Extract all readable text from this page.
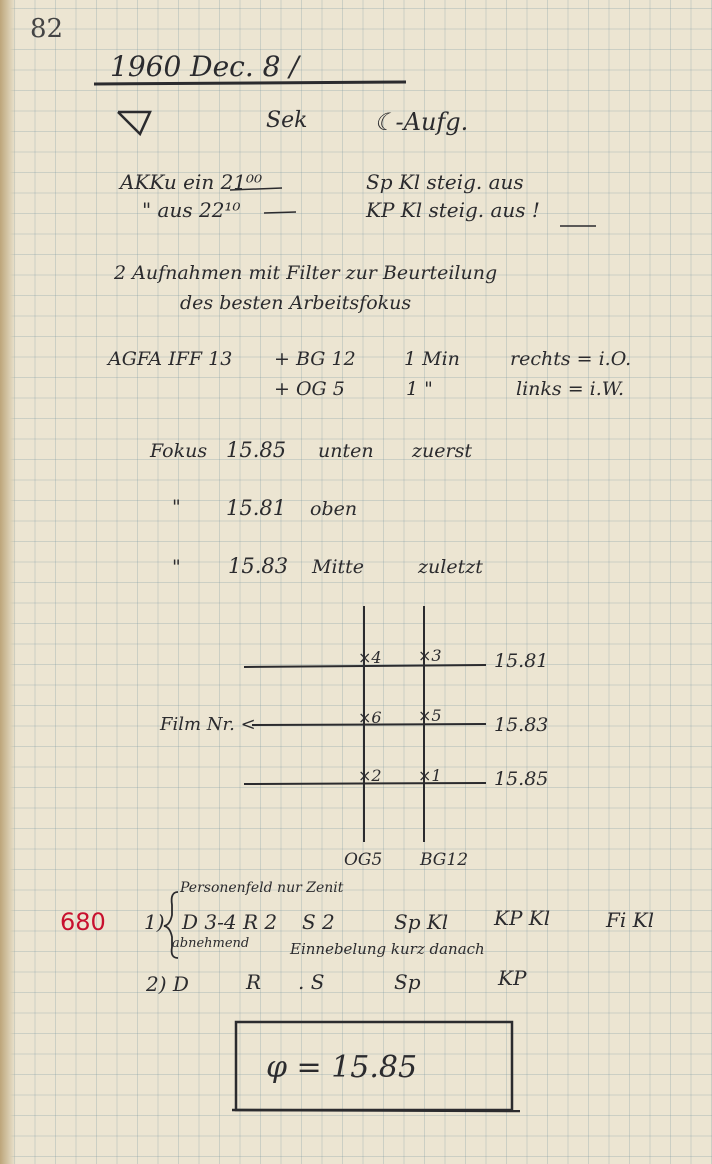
82
1960 Dec. 8 /
Sek	☾-Aufg.
AKKu ein 21⁰⁰	Sp Kl steig. aus
" aus 22¹⁰	KP Kl steig. aus !
2 Aufnahmen mit Filter zur Beurteilung
des besten Arbeitsfokus
AGFA IFF 13 + BG 12	1 Min	rechts = i.O.
+ OG 5	1 "	links = i.W.
Fokus 15.85 unten zuerst
" 15.81 oben
" 15.83 Mitte	zuletzt
×4 ×3
×6 ×5
×2 ×1
15.81
15.83
15.85
Film Nr. <
OG5 BG12
680
Personenfeld nur Zenit
1) D 3-4 R 2 S 2	Sp Kl KP Kl	Fi Kl
abnehmend	Einnebelung kurz danach
2) D	R . S	Sp	KP
φ = 15.85
